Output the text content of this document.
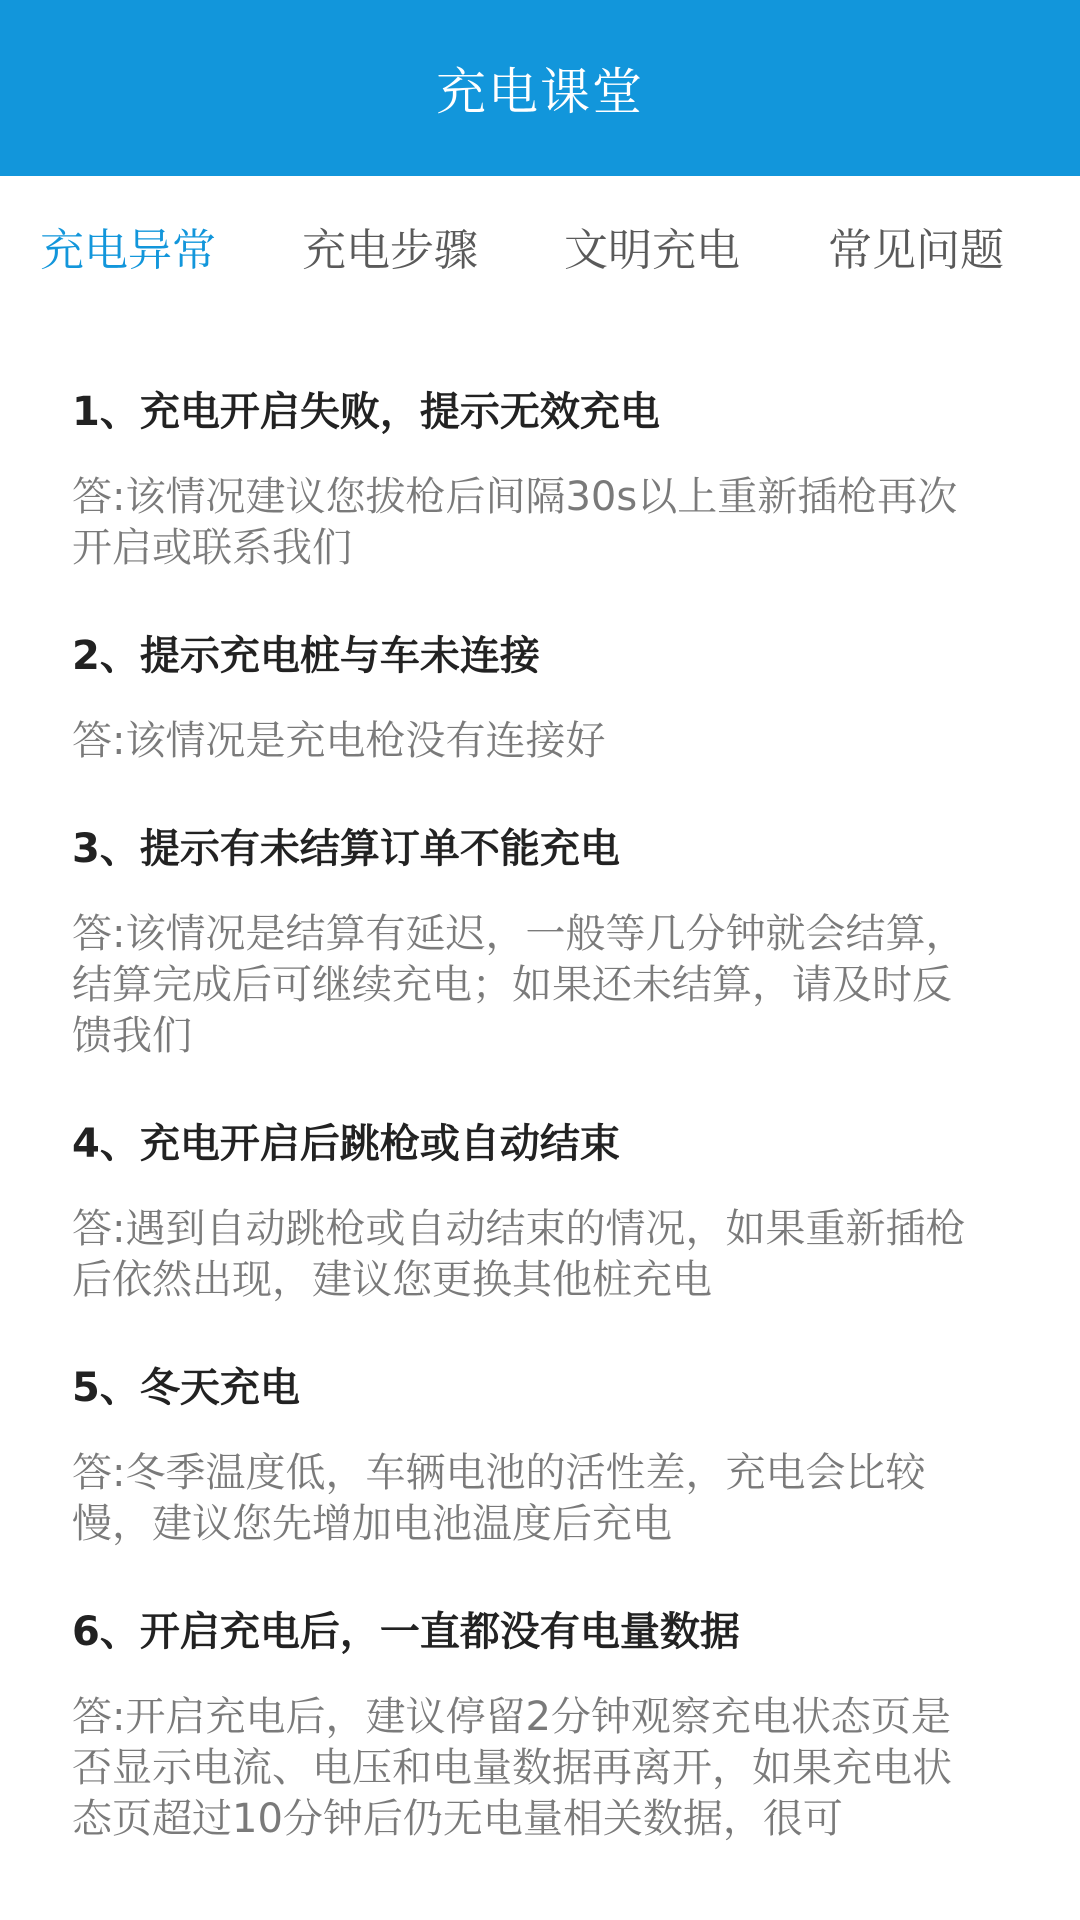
充电课堂
充电异常 充电步骤 文明充电 常见问题
1、充电开启失败，提示无效充电
答:该情况建议您拔枪后间隔30s以上重新插枪再次开启或联系我们
2、提示充电桩与车未连接
答:该情况是充电枪没有连接好
3、提示有未结算订单不能充电
答:该情况是结算有延迟，一般等几分钟就会结算，结算完成后可继续充电；如果还未结算，请及时反馈我们
4、充电开启后跳枪或自动结束
答:遇到自动跳枪或自动结束的情况，如果重新插枪后依然出现，建议您更换其他桩充电
5、冬天充电
答:冬季温度低，车辆电池的活性差，充电会比较慢，建议您先增加电池温度后充电
6、开启充电后，一直都没有电量数据
答:开启充电后，建议停留2分钟观察充电状态页是否显示电流、电压和电量数据再离开，如果充电状态页超过10分钟后仍无电量相关数据，很可
